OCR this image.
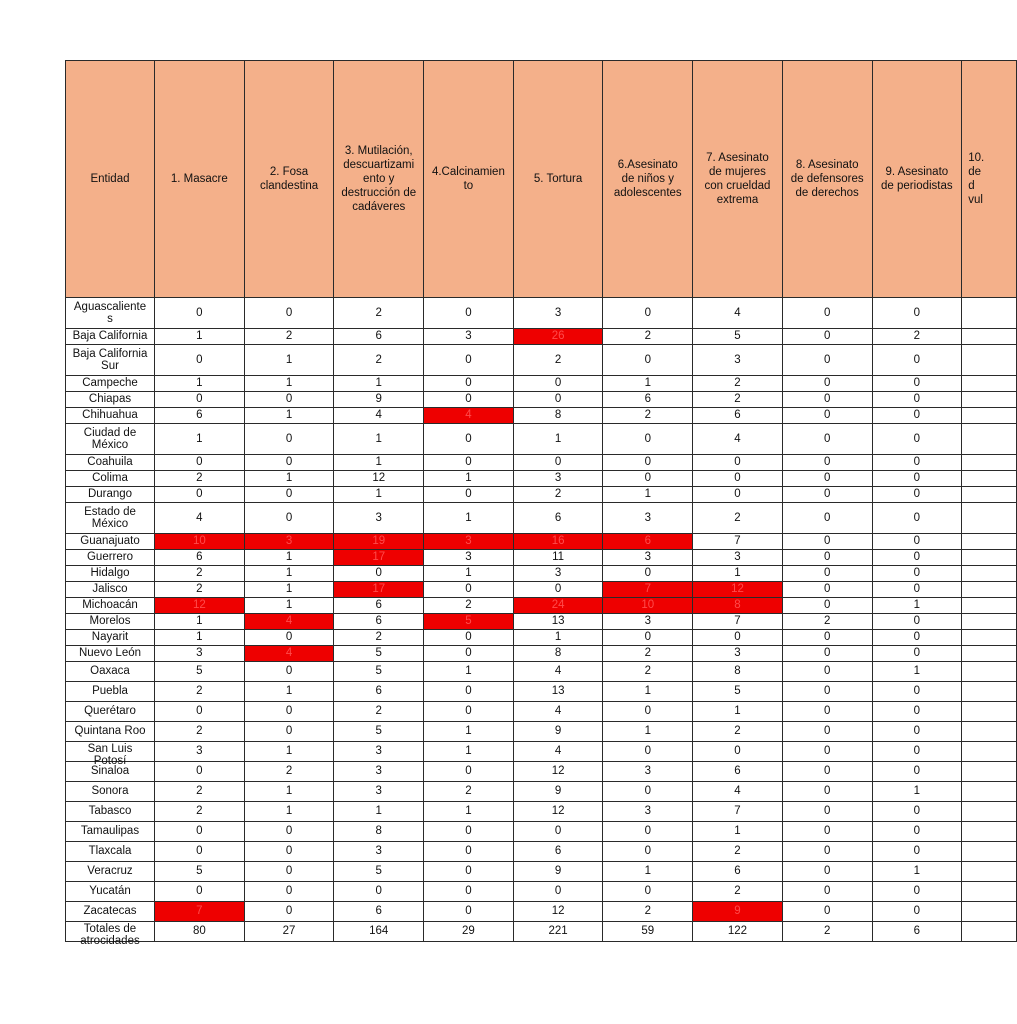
Entidad	1. Masacre	2. Fosa
clandestina	3. Mutilación,
descuartizami
ento y
destrucción de
cadáveres	4.Calcinamien
to	5. Tortura	6.Asesinato
de niños y
adolescentes	7. Asesinato
de mujeres
con crueldad
extrema	8. Asesinato
de defensores
de derechos	9. Asesinato
de periodistas	10.
de
d
vul
Aguascaliente
s	0	0	2	0	3	0	4	0	0	
Baja California	1	2	6	3	26	2	5	0	2	
Baja California
Sur	0	1	2	0	2	0	3	0	0	
Campeche	1	1	1	0	0	1	2	0	0	
Chiapas	0	0	9	0	0	6	2	0	0	
Chihuahua	6	1	4	4	8	2	6	0	0	
Ciudad de
México	1	0	1	0	1	0	4	0	0	
Coahuila	0	0	1	0	0	0	0	0	0	
Colima	2	1	12	1	3	0	0	0	0	
Durango	0	0	1	0	2	1	0	0	0	
Estado de
México	4	0	3	1	6	3	2	0	0	
Guanajuato	10	3	19	3	16	6	7	0	0	
Guerrero	6	1	17	3	11	3	3	0	0	
Hidalgo	2	1	0	1	3	0	1	0	0	
Jalisco	2	1	17	0	0	7	12	0	0	
Michoacán	12	1	6	2	24	10	8	0	1	
Morelos	1	4	6	5	13	3	7	2	0	
Nayarit	1	0	2	0	1	0	0	0	0	
Nuevo León	3	4	5	0	8	2	3	0	0	
Oaxaca	5	0	5	1	4	2	8	0	1	
Puebla	2	1	6	0	13	1	5	0	0	
Querétaro	0	0	2	0	4	0	1	0	0	
Quintana Roo	2	0	5	1	9	1	2	0	0	

San Luis
Potosí	3	1	3	1	4	0	0	0	0	
Sinaloa	0	2	3	0	12	3	6	0	0	
Sonora	2	1	3	2	9	0	4	0	1	
Tabasco	2	1	1	1	12	3	7	0	0	
Tamaulipas	0	0	8	0	0	0	1	0	0	
Tlaxcala	0	0	3	0	6	0	2	0	0	
Veracruz	5	0	5	0	9	1	6	0	1	
Yucatán	0	0	0	0	0	0	2	0	0	
Zacatecas	7	0	6	0	12	2	9	0	0	

Totales de
atrocidades	80	27	164	29	221	59	122	2	6	
